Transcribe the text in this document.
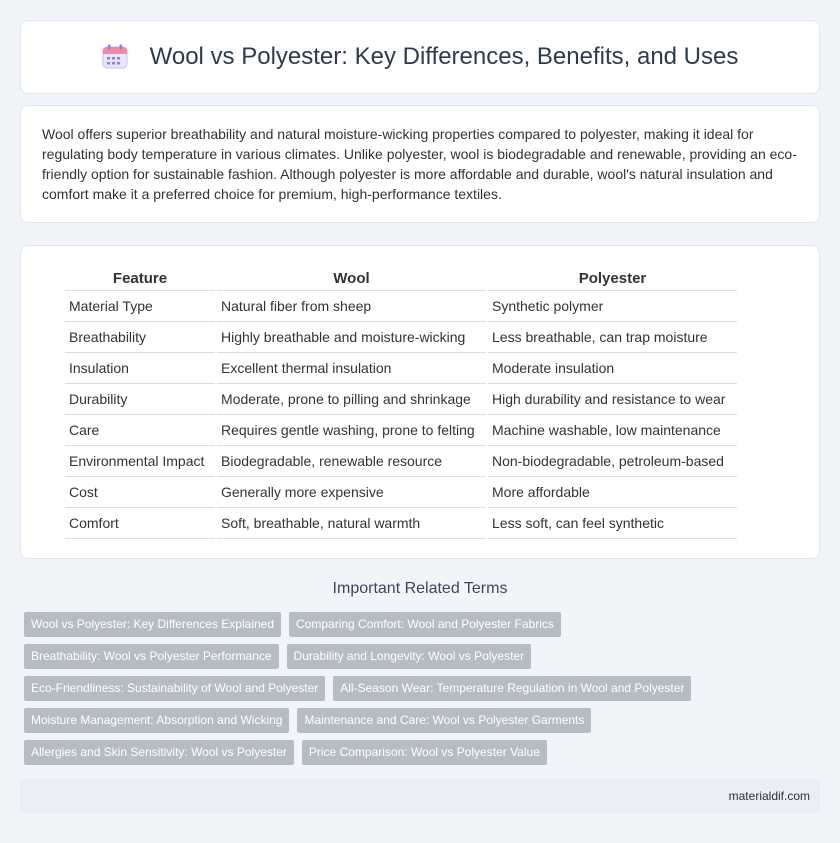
Wool vs Polyester: Key Differences, Benefits, and Uses

Wool offers superior breathability and natural moisture-wicking properties compared to polyester, making it ideal for regulating body temperature in various climates. Unlike polyester, wool is biodegradable and renewable, providing an eco-friendly option for sustainable fashion. Although polyester is more affordable and durable, wool's natural insulation and comfort make it a preferred choice for premium, high-performance textiles.

Feature	Wool	Polyester
Material Type	Natural fiber from sheep	Synthetic polymer
Breathability	Highly breathable and moisture-wicking	Less breathable, can trap moisture
Insulation	Excellent thermal insulation	Moderate insulation
Durability	Moderate, prone to pilling and shrinkage	High durability and resistance to wear
Care	Requires gentle washing, prone to felting	Machine washable, low maintenance
Environmental Impact	Biodegradable, renewable resource	Non-biodegradable, petroleum-based
Cost	Generally more expensive	More affordable
Comfort	Soft, breathable, natural warmth	Less soft, can feel synthetic
Important Related Terms
Wool vs Polyester: Key Differences Explained	Comparing Comfort: Wool and Polyester Fabrics
Breathability: Wool vs Polyester Performance	Durability and Longevity: Wool vs Polyester
Eco-Friendliness: Sustainability of Wool and Polyester	All-Season Wear: Temperature Regulation in Wool and Polyester
Moisture Management: Absorption and Wicking	Maintenance and Care: Wool vs Polyester Garments
Allergies and Skin Sensitivity: Wool vs Polyester	Price Comparison: Wool vs Polyester Value
materialdif.com
